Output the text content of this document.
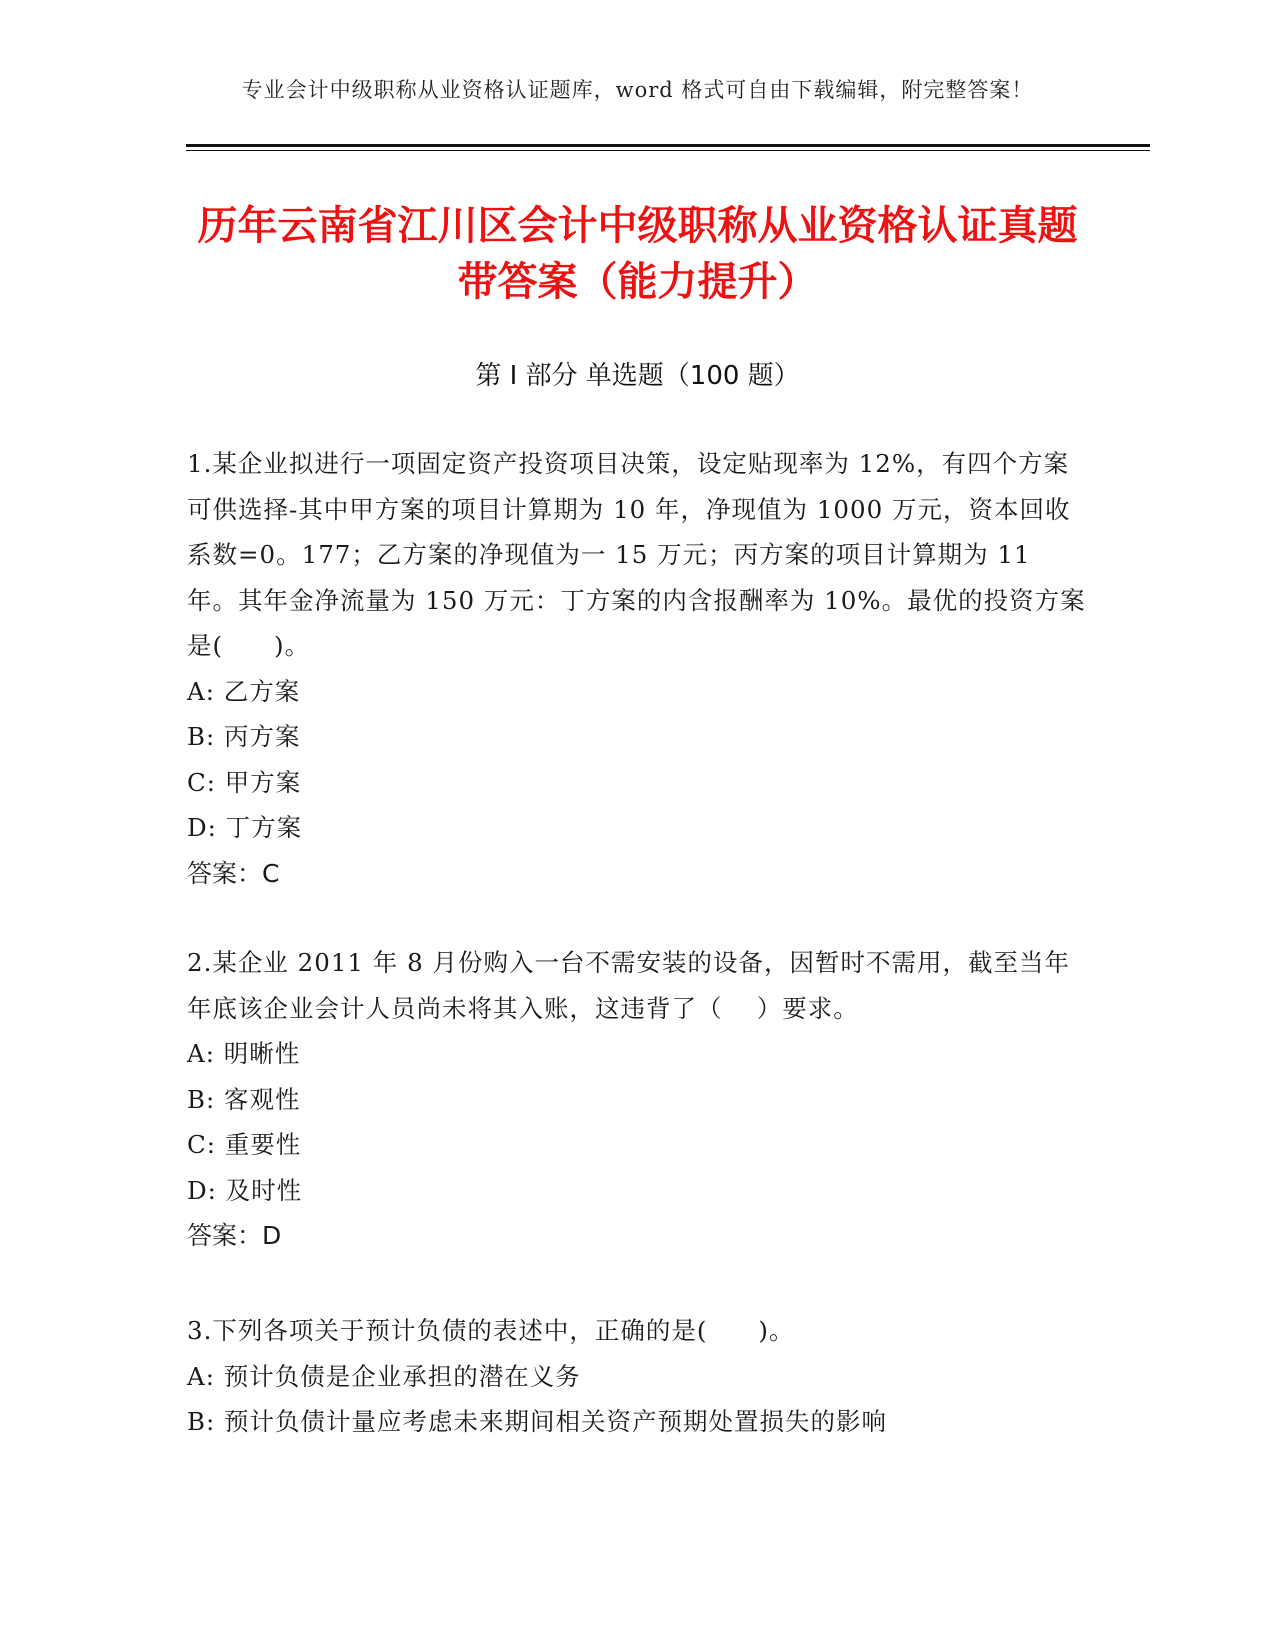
专业会计中级职称从业资格认证题库，word 格式可自由下载编辑，附完整答案！
历年云南省江川区会计中级职称从业资格认证真题带答案（能力提升）
第 I 部分 单选题（100 题）

1.某企业拟进行一项固定资产投资项目决策，设定贴现率为 12%，有四个方案可供选择-其中甲方案的项目计算期为 10 年，净现值为 1000 万元，资本回收系数=0。177；乙方案的净现值为一 15 万元；丙方案的项目计算期为 11 年。其年金净流量为 150 万元：丁方案的内含报酬率为 10%。最优的投资方案是(　　)。

A: 乙方案

B: 丙方案

C: 甲方案

D: 丁方案

答案：C

2.某企业 2011 年 8 月份购入一台不需安装的设备，因暂时不需用，截至当年年底该企业会计人员尚未将其入账，这违背了（　 ）要求。

A: 明晰性

B: 客观性

C: 重要性

D: 及时性

答案：D

3.下列各项关于预计负债的表述中，正确的是(　　)。

A: 预计负债是企业承担的潜在义务

B: 预计负债计量应考虑未来期间相关资产预期处置损失的影响
